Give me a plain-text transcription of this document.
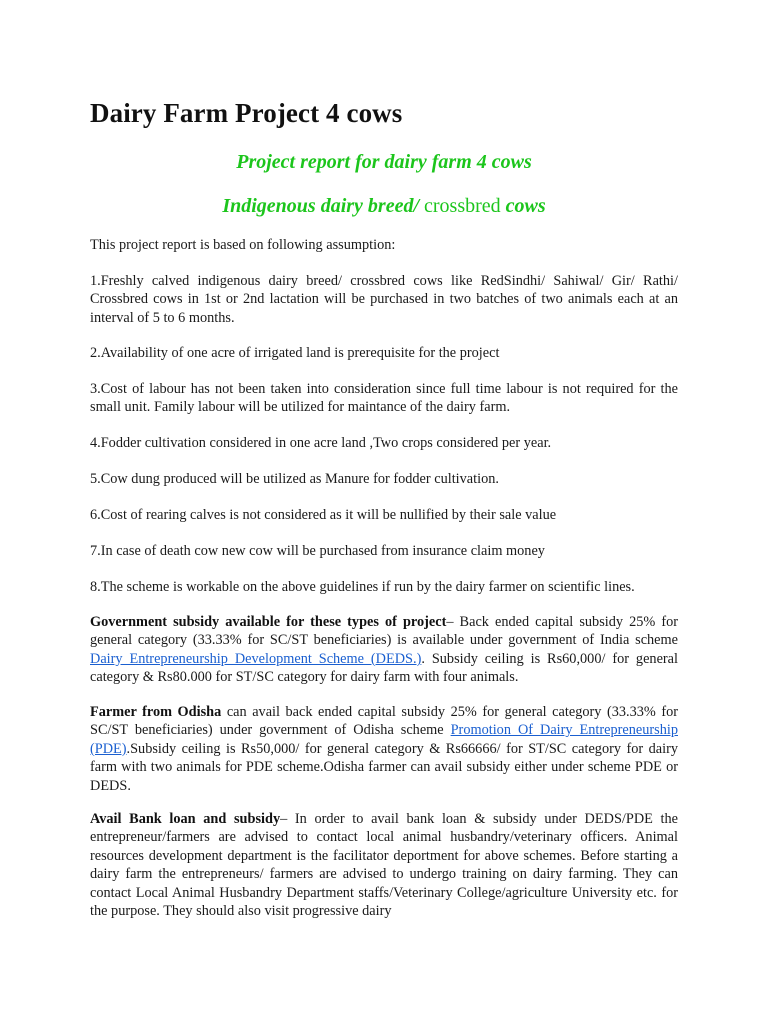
Dairy Farm Project 4 cows

Project report for dairy farm 4 cows

Indigenous dairy breed/ crossbred cows

This project report is based on following assumption:

1.Freshly calved indigenous dairy breed/ crossbred cows like RedSindhi/ Sahiwal/ Gir/ Rathi/ Crossbred cows in 1st or 2nd lactation will be purchased in two batches of two animals each at an interval of 5 to 6 months.

2.Availability of one acre of irrigated land is prerequisite for the project

3.Cost of labour has not been taken into consideration since full time labour is not required for the small unit. Family labour will be utilized for maintance of the dairy farm.

4.Fodder cultivation considered in one acre land ,Two crops considered per year.

5.Cow dung produced will be utilized as Manure for fodder cultivation.

6.Cost of rearing calves is not considered as it will be nullified by their sale value

7.In case of death cow new cow will be purchased from insurance claim money

8.The scheme is workable on the above guidelines if run by the dairy farmer on scientific lines.

Government subsidy available for these types of project– Back ended capital subsidy 25% for general category (33.33% for SC/ST beneficiaries) is available under government of India scheme Dairy Entrepreneurship Development Scheme (DEDS.). Subsidy ceiling is Rs60,000/ for general category & Rs80.000 for ST/SC category for dairy farm with four animals.

Farmer from Odisha can avail back ended capital subsidy 25% for general category (33.33% for SC/ST beneficiaries) under government of Odisha scheme Promotion Of Dairy Entrepreneurship (PDE).Subsidy ceiling is Rs50,000/ for general category & Rs66666/ for ST/SC category for dairy farm with two animals for PDE scheme.Odisha farmer can avail subsidy either under scheme PDE or DEDS.

Avail Bank loan and subsidy– In order to avail bank loan & subsidy under DEDS/PDE the entrepreneur/farmers are advised to contact local animal husbandry/veterinary officers. Animal resources development department is the facilitator deportment for above schemes. Before starting a dairy farm the entrepreneurs/ farmers are advised to undergo training on dairy farming. They can contact Local Animal Husbandry Department staffs/Veterinary College/agriculture University etc. for the purpose. They should also visit progressive dairy
